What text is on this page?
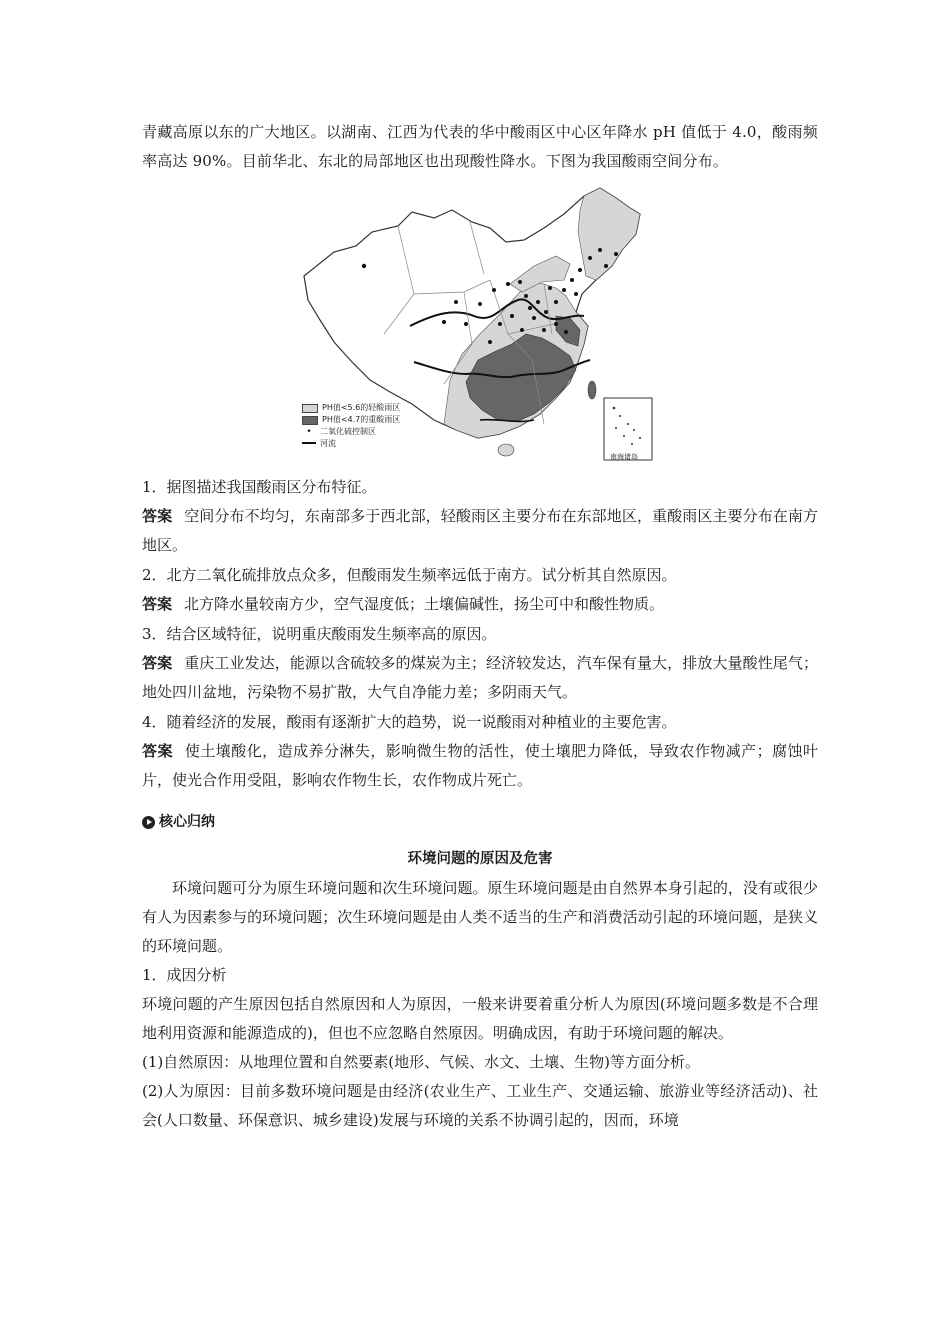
青藏高原以东的广大地区。以湖南、江西为代表的华中酸雨区中心区年降水 pH 值低于 4.0，酸雨频率高达 90%。目前华北、东北的局部地区也出现酸性降水。下图为我国酸雨空间分布。

PH值<5.6的轻酸雨区
PH值<4.7的重酸雨区
•	二氧化硫控制区
河流
南海诸岛

1．据图描述我国酸雨区分布特征。

答案 空间分布不均匀，东南部多于西北部，轻酸雨区主要分布在东部地区，重酸雨区主要分布在南方地区。

2．北方二氧化硫排放点众多，但酸雨发生频率远低于南方。试分析其自然原因。

答案 北方降水量较南方少，空气湿度低；土壤偏碱性，扬尘可中和酸性物质。

3．结合区域特征，说明重庆酸雨发生频率高的原因。

答案 重庆工业发达，能源以含硫较多的煤炭为主；经济较发达，汽车保有量大，排放大量酸性尾气；地处四川盆地，污染物不易扩散，大气自净能力差；多阴雨天气。

4．随着经济的发展，酸雨有逐渐扩大的趋势，说一说酸雨对种植业的主要危害。

答案 使土壤酸化，造成养分淋失，影响微生物的活性，使土壤肥力降低，导致农作物减产；腐蚀叶片，使光合作用受阻，影响农作物生长，农作物成片死亡。

核心归纳

环境问题的原因及危害

环境问题可分为原生环境问题和次生环境问题。原生环境问题是由自然界本身引起的，没有或很少有人为因素参与的环境问题；次生环境问题是由人类不适当的生产和消费活动引起的环境问题，是狭义的环境问题。

1．成因分析

环境问题的产生原因包括自然原因和人为原因，一般来讲要着重分析人为原因(环境问题多数是不合理地利用资源和能源造成的)，但也不应忽略自然原因。明确成因，有助于环境问题的解决。

(1)自然原因：从地理位置和自然要素(地形、气候、水文、土壤、生物)等方面分析。

(2)人为原因：目前多数环境问题是由经济(农业生产、工业生产、交通运输、旅游业等经济活动)、社会(人口数量、环保意识、城乡建设)发展与环境的关系不协调引起的，因而，环境
